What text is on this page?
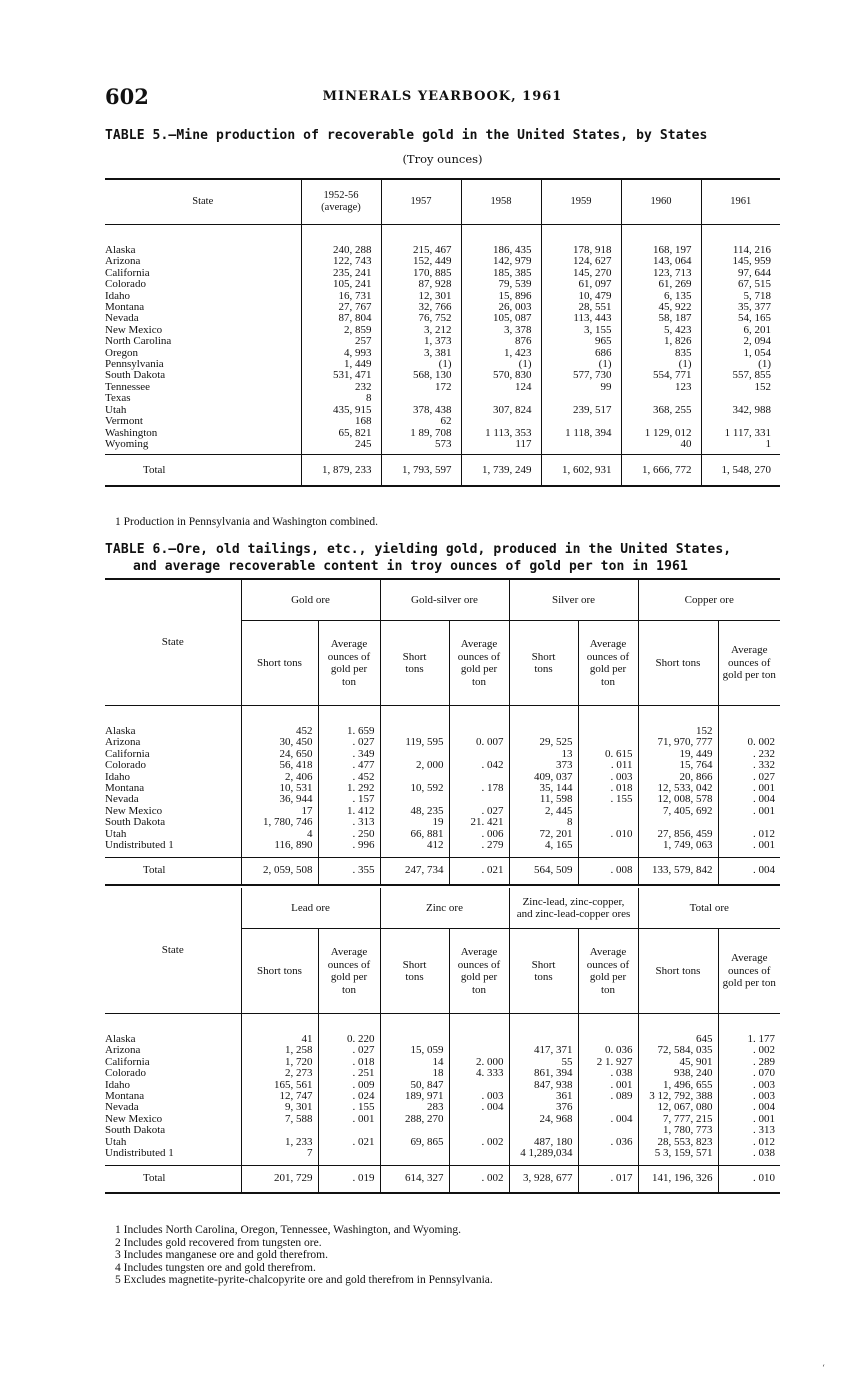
602	MINERALS YEARBOOK, 1961
TABLE 5.—Mine production of recoverable gold in the United States, by States
(Troy ounces)
State	1952-56 (average)	1957	1958	1959	1960	1961
Alaska	240, 288	215, 467	186, 435	178, 918	168, 197	114, 216
Arizona	122, 743	152, 449	142, 979	124, 627	143, 064	145, 959
California	235, 241	170, 885	185, 385	145, 270	123, 713	97, 644
Colorado	105, 241	87, 928	79, 539	61, 097	61, 269	67, 515
Idaho	16, 731	12, 301	15, 896	10, 479	6, 135	5, 718
Montana	27, 767	32, 766	26, 003	28, 551	45, 922	35, 377
Nevada	87, 804	76, 752	105, 087	113, 443	58, 187	54, 165
New Mexico	2, 859	3, 212	3, 378	3, 155	5, 423	6, 201
North Carolina	257	1, 373	876	965	1, 826	2, 094
Oregon	4, 993	3, 381	1, 423	686	835	1, 054
Pennsylvania	1, 449	(1)	(1)	(1)	(1)	(1)
South Dakota	531, 471	568, 130	570, 830	577, 730	554, 771	557, 855
Tennessee	232	172	124	99	123	152
Texas	8					
Utah	435, 915	378, 438	307, 824	239, 517	368, 255	342, 988
Vermont	168	62				
Washington	65, 821	1 89, 708	1 113, 353	1 118, 394	1 129, 012	1 117, 331
Wyoming	245	573	117		40	1
Total	1, 879, 233	1, 793, 597	1, 739, 249	1, 602, 931	1, 666, 772	1, 548, 270
1 Production in Pennsylvania and Washington combined.
TABLE 6.—Ore, old tailings, etc., yielding gold, produced in the United States,
and average recoverable content in troy ounces of gold per ton in 1961
State	Gold ore		Gold-silver ore		Silver ore		Copper ore	
	Short tons	Average ounces of gold per ton	Short tons	Average ounces of gold per ton	Short tons	Average ounces of gold per ton	Short tons	Average ounces of gold per ton
Alaska	452	1. 659					152	
Arizona	30, 450	. 027	119, 595	0. 007	29, 525		71, 970, 777	0. 002
California	24, 650	. 349			13	0. 615	19, 449	. 232
Colorado	56, 418	. 477	2, 000	. 042	373	. 011	15, 764	. 332
Idaho	2, 406	. 452			409, 037	. 003	20, 866	. 027
Montana	10, 531	1. 292	10, 592	. 178	35, 144	. 018	12, 533, 042	. 001
Nevada	36, 944	. 157			11, 598	. 155	12, 008, 578	. 004
New Mexico	17	1. 412	48, 235	. 027	2, 445		7, 405, 692	. 001
South Dakota	1, 780, 746	. 313	19	21. 421	8			
Utah	4	. 250	66, 881	. 006	72, 201	. 010	27, 856, 459	. 012
Undistributed 1	116, 890	. 996	412	. 279	4, 165		1, 749, 063	. 001
Total	2, 059, 508	. 355	247, 734	. 021	564, 509	. 008	133, 579, 842	. 004
State	Lead ore		Zinc ore		Zinc-lead, zinc-copper, and zinc-lead-copper ores		Total ore	
	Short tons	Average ounces of gold per ton	Short tons	Average ounces of gold per ton	Short tons	Average ounces of gold per ton	Short tons	Average ounces of gold per ton
Alaska	41	0. 220					645	1. 177
Arizona	1, 258	. 027	15, 059		417, 371	0. 036	72, 584, 035	. 002
California	1, 720	. 018	14	2. 000	55	2 1. 927	45, 901	. 289
Colorado	2, 273	. 251	18	4. 333	861, 394	. 038	938, 240	. 070
Idaho	165, 561	. 009	50, 847		847, 938	. 001	1, 496, 655	. 003
Montana	12, 747	. 024	189, 971	. 003	361	. 089	3 12, 792, 388	. 003
Nevada	9, 301	. 155	283	. 004	376		12, 067, 080	. 004
New Mexico	7, 588	. 001	288, 270		24, 968	. 004	7, 777, 215	. 001
South Dakota							1, 780, 773	. 313
Utah	1, 233	. 021	69, 865	. 002	487, 180	. 036	28, 553, 823	. 012
Undistributed 1	7				4 1,289,034		5 3, 159, 571	. 038
Total	201, 729	. 019	614, 327	. 002	3, 928, 677	. 017	141, 196, 326	. 010
1 Includes North Carolina, Oregon, Tennessee, Washington, and Wyoming.
2 Includes gold recovered from tungsten ore.
3 Includes manganese ore and gold therefrom.
4 Includes tungsten ore and gold therefrom.
5 Excludes magnetite-pyrite-chalcopyrite ore and gold therefrom in Pennsylvania.
‘
